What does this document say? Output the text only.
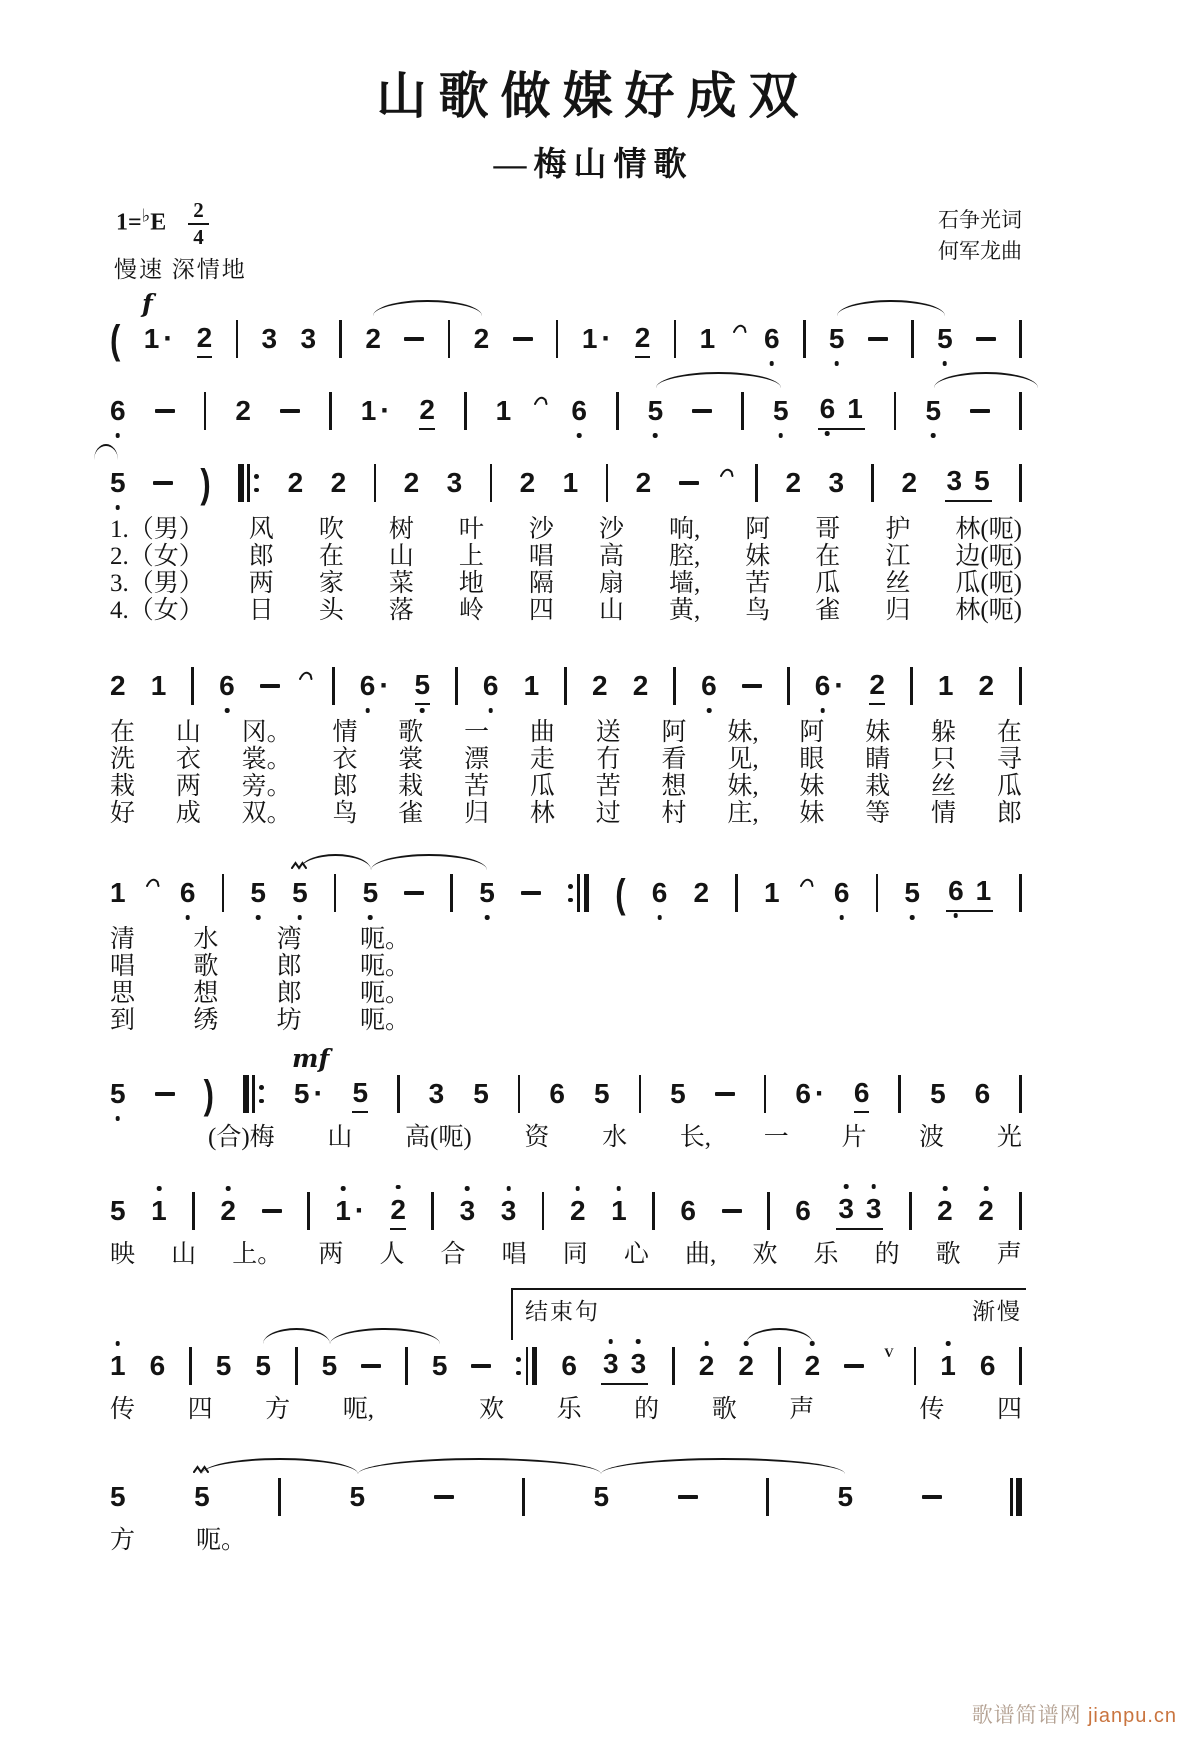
山歌做媒好成双
—梅山情歌
$1=^♭E \frac{2}{4}$
慢速 深情地
石争光词
何军龙曲
( 1 · 2 3 3 2	2	1 · 2 1 6 5	5
f
6	2	1 · 2 1 6 5	5 6 1 5
5 )	2 2 2 3 2 1 2	2 3 2 3 5
1.（男） 风 吹 树 叶 沙 沙 响, 阿 哥 护 林(呃)
2.（女） 郎 在 山 上 唱 高 腔, 妹 在 江 边(呃)
3.（男） 两 家 菜 地 隔 扇 墙, 苦 瓜 丝 瓜(呃)
4.（女） 日 头 落 岭 四 山 黄, 鸟 雀 归 林(呃)
2 1 6	6 · 5 6 1 2 2 6	6 · 2 1 2
在 山 冈。 情 歌 一 曲 送 阿 妹, 阿 妹 躲 在
洗 衣 裳。 衣 裳 漂 走 冇 看 见, 眼 睛 只 寻
栽 两 旁。 郎 栽 苦 瓜 苦 想 妹, 妹 栽 丝 瓜
好 成 双。 鸟 雀 归 林 过 村 庄, 妹 等 情 郎
1 6 5 5 5	5	( 6 2 1 6 5 6 1
清 水 湾 呃。
唱 歌 郎 呃。
思 想 郎 呃。
到 绣 坊 呃。
5	)	5 · 5 3 5 6 5 5	6 · 6 5 6
mf
(合)梅 山 高(呃) 资 水 长, 一 片 波 光
5 1 2	1 · 2 3 3 2 1 6	6 3 3 2 2
映 山 上。 两 人 合 唱 同 心 曲, 欢 乐 的 歌 声
1 6 5 5 5	5	6 3 3 2 2 2	V 1 6
结束句	渐慢
传 四 方 呃,	欢 乐 的 歌 声	传 四
5 5	5	5	5
方 呃。
歌谱简谱网 jianpu.cn
